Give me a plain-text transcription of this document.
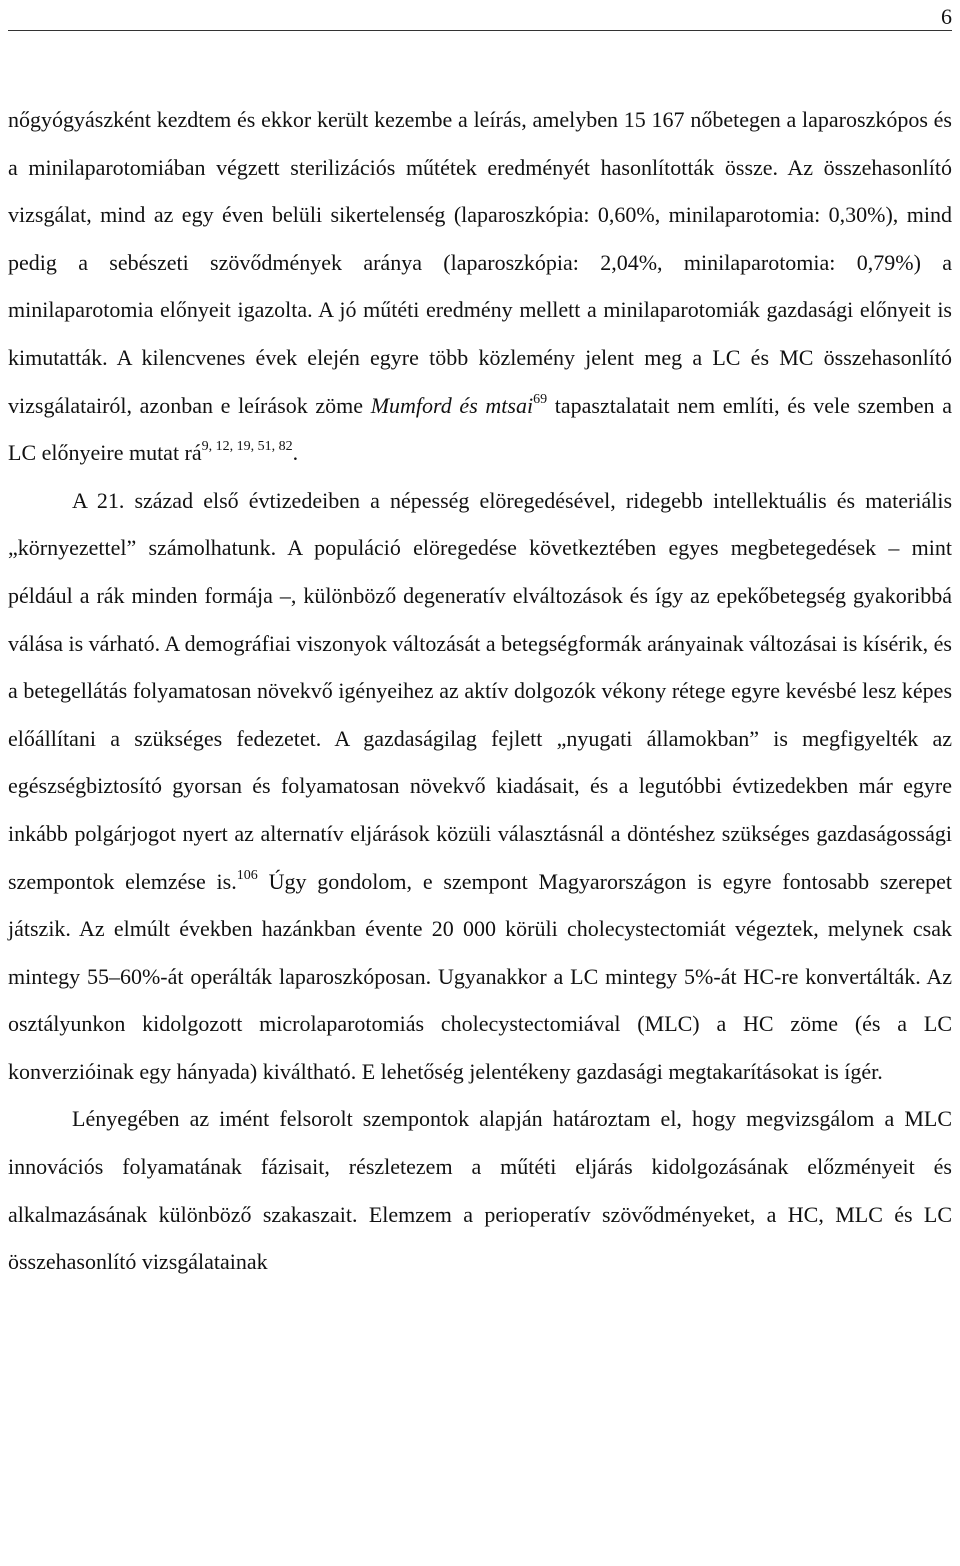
6

nőgyógyászként kezdtem és ekkor került kezembe a leírás, amelyben 15 167 nőbetegen a laparoszkópos és a minilaparotomiában végzett sterilizációs műtétek eredményét hasonlították össze. Az összehasonlító vizsgálat, mind az egy éven belüli sikertelenség (laparoszkópia: 0,60%, minilaparotomia: 0,30%), mind pedig a sebészeti szövődmények aránya (laparoszkópia: 2,04%, minilaparotomia: 0,79%) a minilaparotomia előnyeit igazolta. A jó műtéti eredmény mellett a minilaparotomiák gazdasági előnyeit is kimutatták. A kilencvenes évek elején egyre több közlemény jelent meg a LC és MC összehasonlító vizsgálatairól, azonban e leírások zöme Mumford és mtsai$^{69}$ tapasztalatait nem említi, és vele szemben a LC előnyeire mutat rá$^{9, 12, 19, 51, 82}$.

A 21. század első évtizedeiben a népesség elöregedésével, ridegebb intellektuális és materiális „környezettel” számolhatunk. A populáció elöregedése következtében egyes megbetegedések – mint például a rák minden formája –, különböző degeneratív elváltozások és így az epekőbetegség gyakoribbá válása is várható. A demográfiai viszonyok változását a betegségformák arányainak változásai is kísérik, és a betegellátás folyamatosan növekvő igényeihez az aktív dolgozók vékony rétege egyre kevésbé lesz képes előállítani a szükséges fedezetet. A gazdaságilag fejlett „nyugati államokban” is megfigyelték az egészségbiztosító gyorsan és folyamatosan növekvő kiadásait, és a legutóbbi évtizedekben már egyre inkább polgárjogot nyert az alternatív eljárások közüli választásnál a döntéshez szükséges gazdaságossági szempontok elemzése is.$^{106}$ Úgy gondolom, e szempont Magyarországon is egyre fontosabb szerepet játszik. Az elmúlt években hazánkban évente 20 000 körüli cholecystectomiát végeztek, melynek csak mintegy 55–60%-át operálták laparoszkóposan. Ugyanakkor a LC mintegy 5%-át HC-re konvertálták. Az osztályunkon kidolgozott microlaparotomiás cholecystectomiával (MLC) a HC zöme (és a LC konverzióinak egy hányada) kiváltható. E lehetőség jelentékeny gazdasági megtakarításokat is ígér.

Lényegében az imént felsorolt szempontok alapján határoztam el, hogy megvizsgálom a MLC innovációs folyamatának fázisait, részletezem a műtéti eljárás kidolgozásának előzményeit és alkalmazásának különböző szakaszait. Elemzem a perioperatív szövődményeket, a HC, MLC és LC összehasonlító vizsgálatainak
